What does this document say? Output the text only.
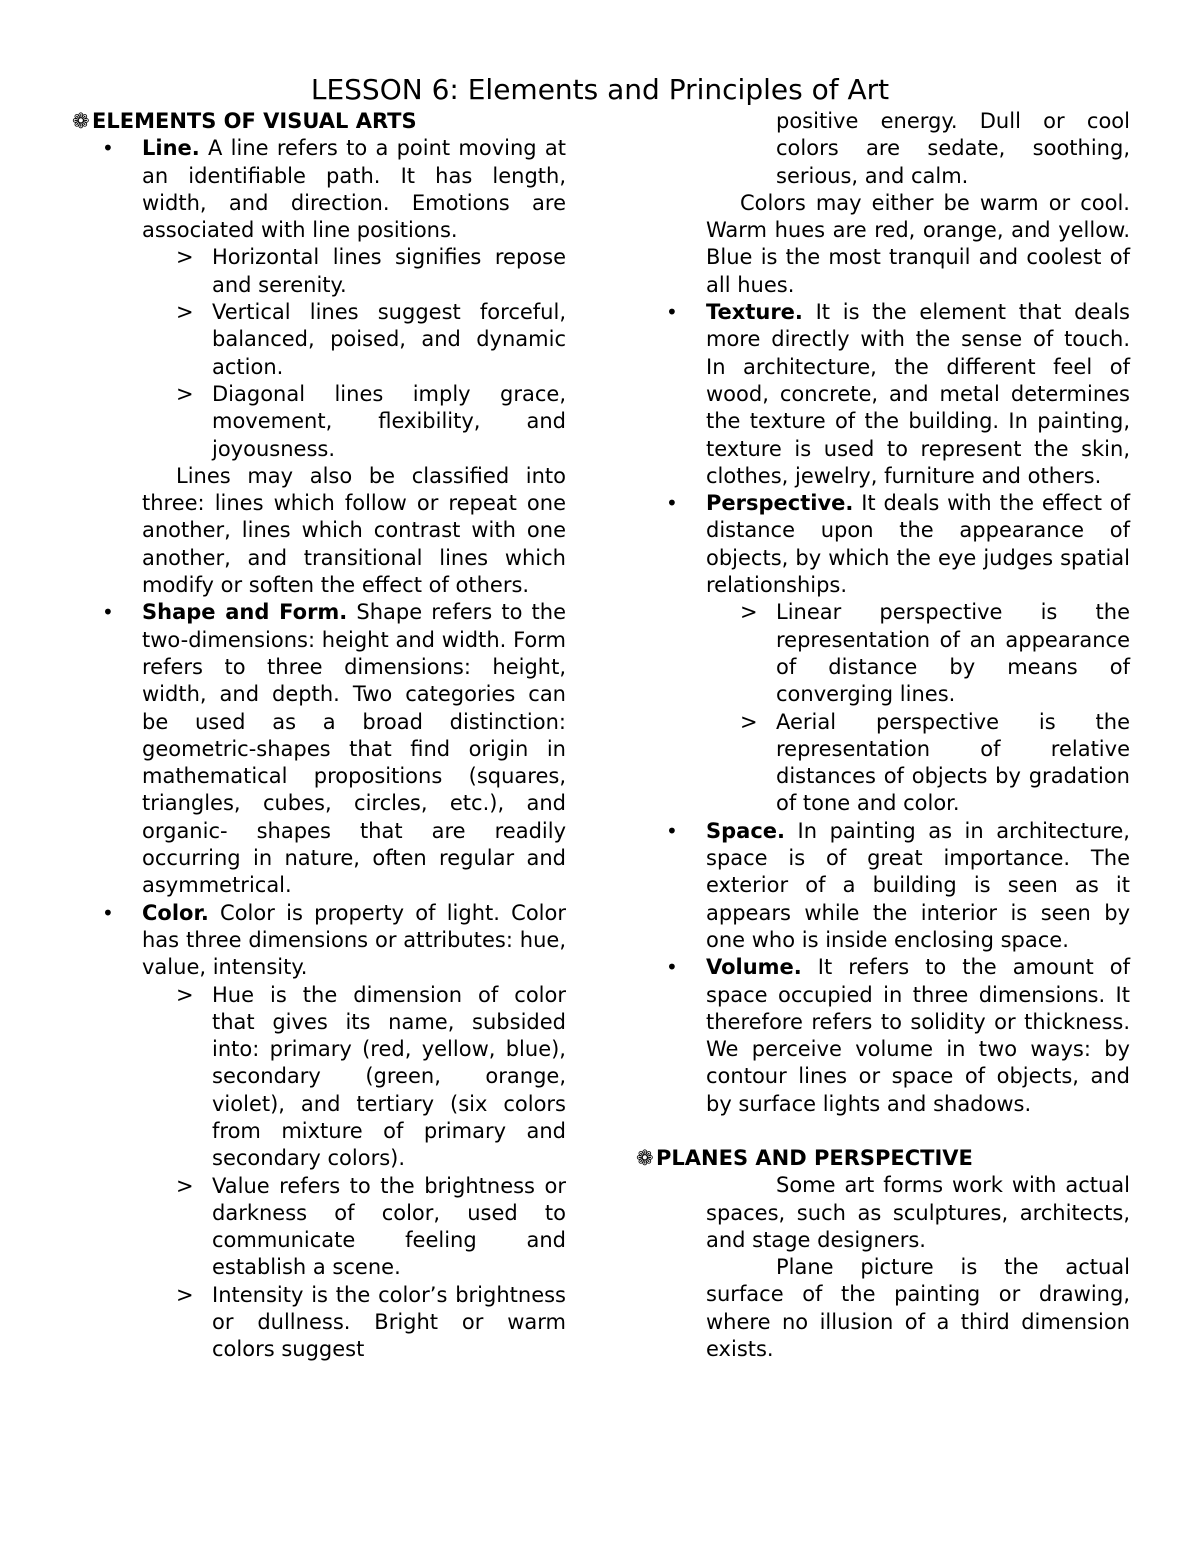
LESSON 6: Elements and Principles of Art

❁ ELEMENTS OF VISUAL ARTS

• Line. A line refers to a point moving at an identifiable path. It has length, width, and direction. Emotions are associated with line positions.

> Horizontal lines signifies repose and serenity.
> Vertical lines suggest forceful, balanced, poised, and dynamic action.
> Diagonal lines imply grace, movement, flexibility, and joyousness.

Lines may also be classified into three: lines which follow or repeat one another, lines which contrast with one another, and transitional lines which modify or soften the effect of others.

• Shape and Form. Shape refers to the two-dimensions: height and width. Form refers to three dimensions: height, width, and depth. Two categories can be used as a broad distinction: geometric-shapes that find origin in mathematical propositions (squares, triangles, cubes, circles, etc.), and organic- shapes that are readily occurring in nature, often regular and asymmetrical.

• Color. Color is property of light. Color has three dimensions or attributes: hue, value, intensity.

> Hue is the dimension of color that gives its name, subsided into: primary (red, yellow, blue), secondary (green, orange, violet), and tertiary (six colors from mixture of primary and secondary colors).
> Value refers to the brightness or darkness of color, used to communicate feeling and establish a scene.
> Intensity is the color’s brightness or dullness. Bright or warm colors suggest

positive energy. Dull or cool colors are sedate, soothing, serious, and calm.

Colors may either be warm or cool. Warm hues are red, orange, and yellow. Blue is the most tranquil and coolest of all hues.

• Texture. It is the element that deals more directly with the sense of touch. In architecture, the different feel of wood, concrete, and metal determines the texture of the building. In painting, texture is used to represent the skin, clothes, jewelry, furniture and others.

• Perspective. It deals with the effect of distance upon the appearance of objects, by which the eye judges spatial relationships.

> Linear perspective is the representation of an appearance of distance by means of converging lines.
> Aerial perspective is the representation of relative distances of objects by gradation of tone and color.
• Space. In painting as in architecture, space is of great importance. The exterior of a building is seen as it appears while the interior is seen by one who is inside enclosing space.

• Volume. It refers to the amount of space occupied in three dimensions. It therefore refers to solidity or thickness. We perceive volume in two ways: by contour lines or space of objects, and by surface lights and shadows.

❁ PLANES AND PERSPECTIVE

Some art forms work with actual spaces, such as sculptures, architects, and stage designers.

Plane picture is the actual surface of the painting or drawing, where no illusion of a third dimension exists.
